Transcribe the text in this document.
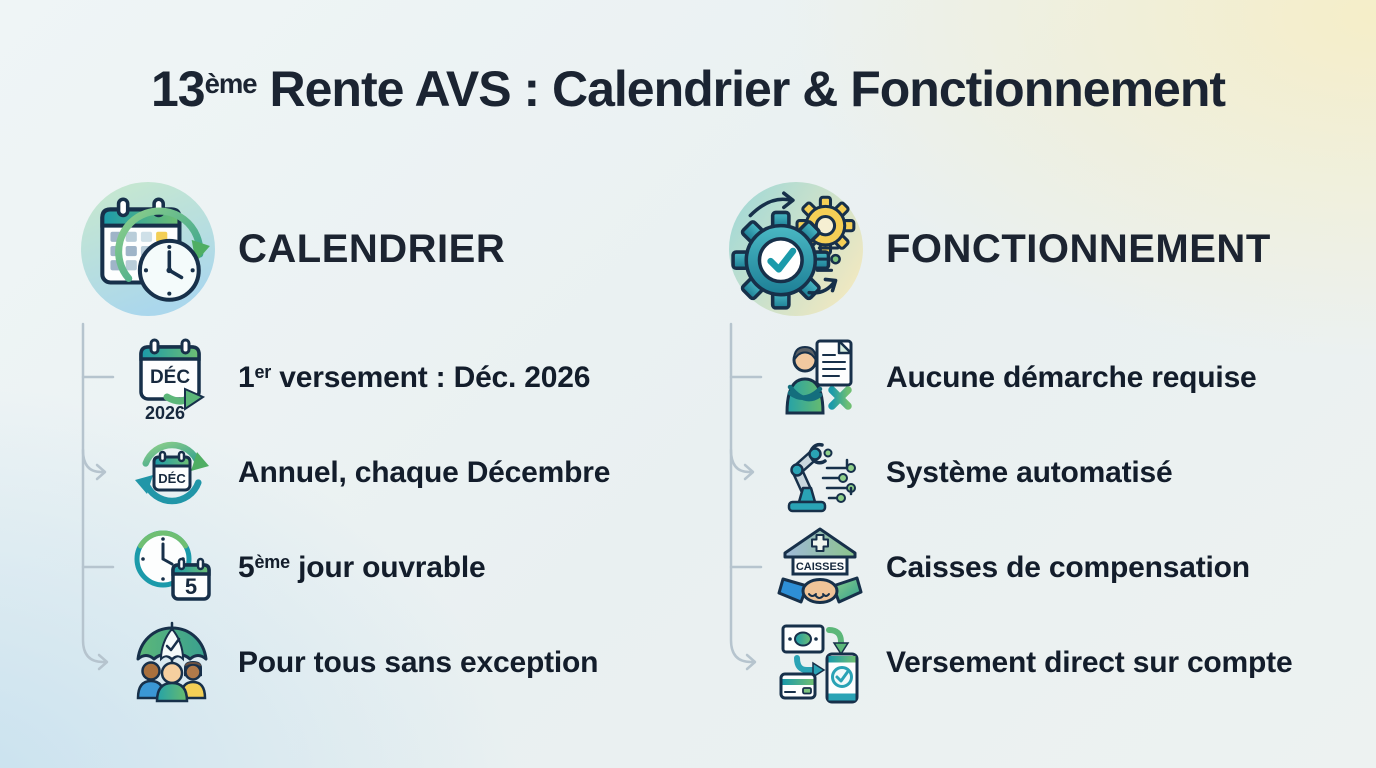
13ème Rente AVS : Calendrier & Fonctionnement
CALENDRIER
DÉC
2026
1er versement : Déc. 2026
DÉC Annuel, chaque Décembre
5
5ème jour ouvrable
Pour tous sans exception
FONCTIONNEMENT
Aucune démarche requise
Système automatisé
CAISSES Caisses de compensation
Versement direct sur compte
